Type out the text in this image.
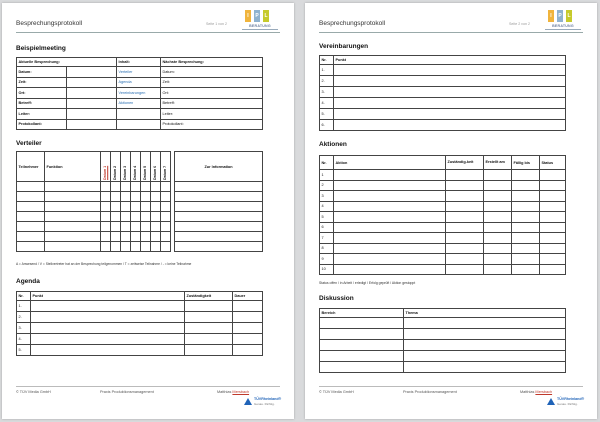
Besprechungsprotokoll	Seite 1 von 2
I	P L
BERATUNG
Beispielmeeting
Aktuelle Besprechung:		Inhalt:	Nächste Besprechung:
Datum:		Verteiler	Datum:
Zeit:		Agenda	Zeit:
Ort:		Vereinbarungen	Ort:
Betreff:		Aktionen	Betreff:
Leiter:			Leiter:
Protokollant:			Protokollant:
Verteiler
Teilnehmer	Funktion	Datum 1	Datum 2	Datum 3	Datum 4	Datum 5	Datum 6	Datum 7		Zur Information

A = Anwesend / V = Stellvertreter hat an der Besprechung teilgenommen / T = zeitweise Teilnahme / - = keine Teilnahme
Agenda
Nr.	Punkt	Zuständigkeit	Dauer
1.			
2.			
3.			
4.			
5.			
© TÜV Media GmbH	Praxis Produktionsmanagement	Matthias Mersbach
TÜVRheinland®
Genau. Richtig.
Besprechungsprotokoll	Seite 2 von 2
I	P L
BERATUNG
Vereinbarungen
Nr.	Punkt
1.	
2.	
3.	
4.	
5.	
6.	
Aktionen
Nr.	Aktion	Zuständig-keit	Erstellt am	Fällig bis	Status
1					
2					
3					
4					
5					
6					
7					
8					
9					
10					
Status offen / in Arbeit / erledigt / Erfolg geprüft / Aktion gestoppt
Diskussion
Bereich	Thema

© TÜV Media GmbH	Praxis Produktionsmanagement	Matthias Mersbach
TÜVRheinland®
Genau. Richtig.
